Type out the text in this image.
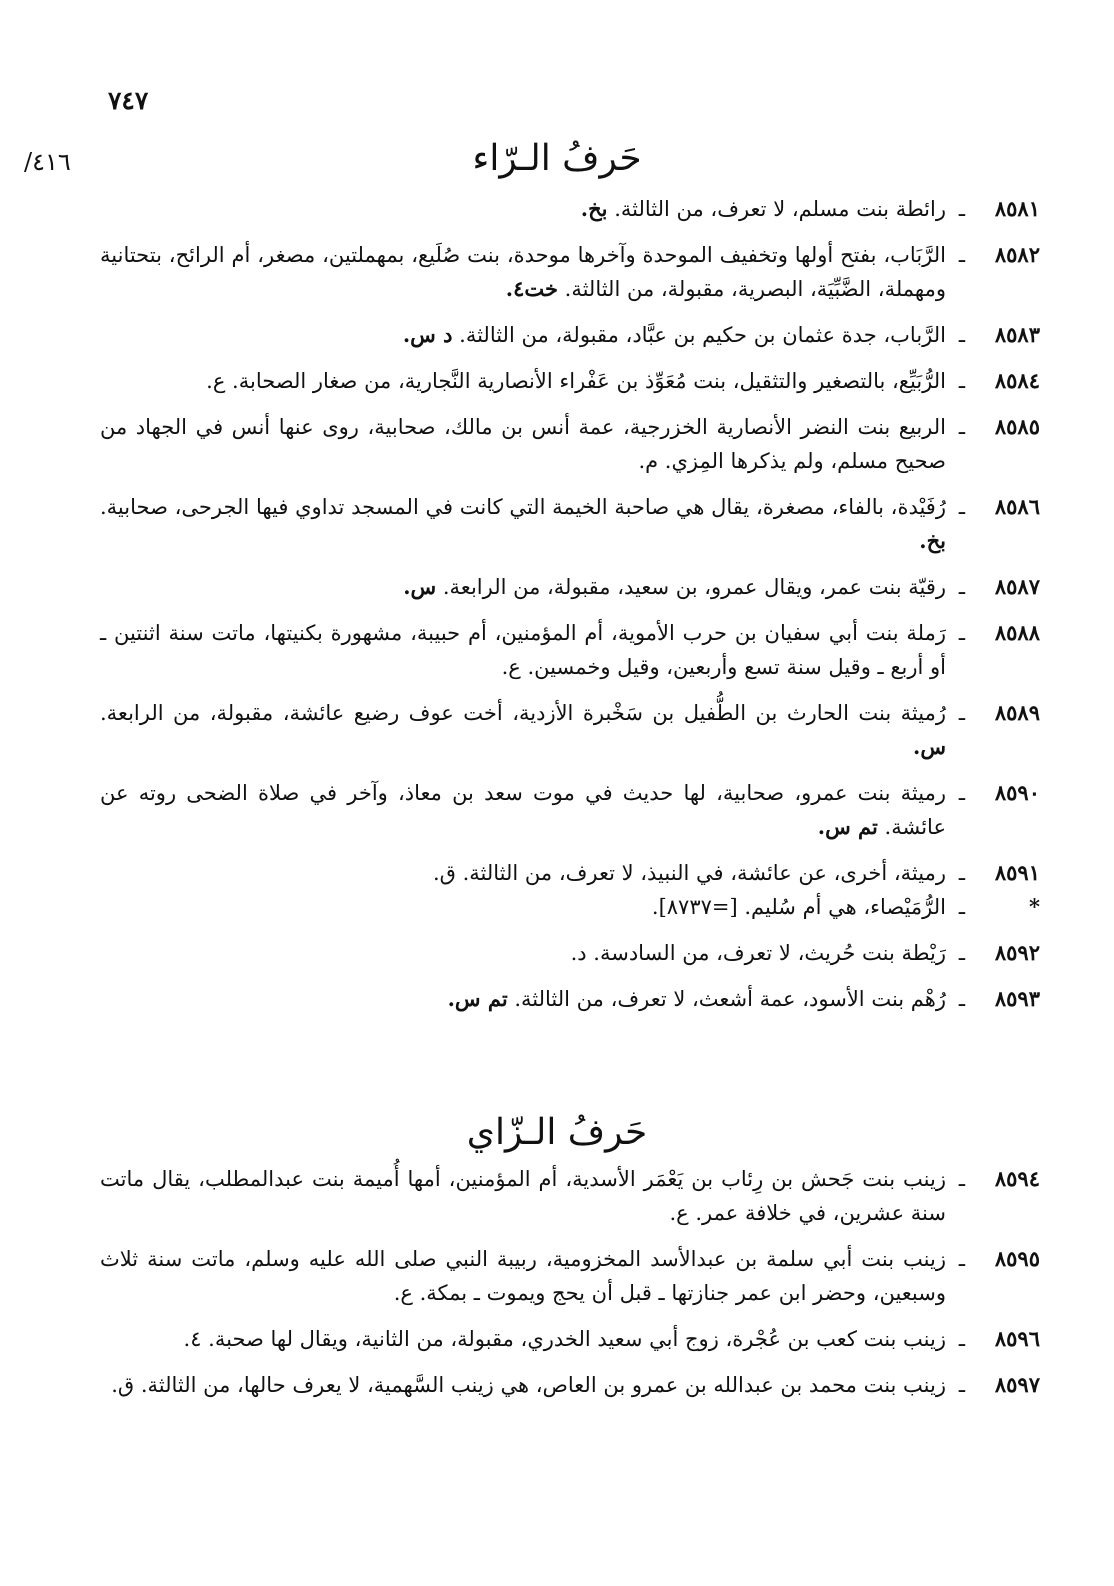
٧٤٧
/٤١٦	حَرفُ الـرّاء
٨٥٨١
ـ
رائطة بنت مسلم، لا تعرف، من الثالثة. بخ.
٨٥٨٢
ـ
الرَّبَاب، بفتح أولها وتخفيف الموحدة وآخرها موحدة، بنت صُلَيع، بمهملتين، مصغر، أم الرائح، بتحتانية ومهملة، الضَّبِّيَة، البصرية، مقبولة، من الثالثة. خت٤.
٨٥٨٣
ـ
الرَّباب، جدة عثمان بن حكيم بن عبَّاد، مقبولة، من الثالثة. د س.
٨٥٨٤
ـ
الرُّبَيِّع، بالتصغير والتثقيل، بنت مُعَوِّذ بن عَفْراء الأنصارية النَّجارية، من صغار الصحابة. ع.
٨٥٨٥
ـ
الربيع بنت النضر الأنصارية الخزرجية، عمة أنس بن مالك، صحابية، روى عنها أنس في الجهاد من صحيح مسلم، ولم يذكرها المِزي. م.
٨٥٨٦
ـ
رُفَيْدة، بالفاء، مصغرة، يقال هي صاحبة الخيمة التي كانت في المسجد تداوي فيها الجرحى، صحابية. بخ.
٨٥٨٧
ـ
رقيّة بنت عمر، ويقال عمرو، بن سعيد، مقبولة، من الرابعة. س.
٨٥٨٨
ـ
رَملة بنت أبي سفيان بن حرب الأموية، أم المؤمنين، أم حبيبة، مشهورة بكنيتها، ماتت سنة اثنتين ـ أو أربع ـ وقيل سنة تسع وأربعين، وقيل وخمسين. ع.
٨٥٨٩
ـ
رُميثة بنت الحارث بن الطُّفيل بن سَخْبرة الأزدية، أخت عوف رضيع عائشة، مقبولة، من الرابعة. س.
٨٥٩٠
ـ
رميثة بنت عمرو، صحابية، لها حديث في موت سعد بن معاذ، وآخر في صلاة الضحى روته عن عائشة. تم س.
٨٥٩١
ـ
رميثة، أخرى، عن عائشة، في النبيذ، لا تعرف، من الثالثة. ق.
*
ـ
الرُّمَيْصاء، هي أم سُليم. [=٨٧٣٧].
٨٥٩٢
ـ
رَيْطة بنت حُريث، لا تعرف، من السادسة. د.
٨٥٩٣
ـ
رُهْم بنت الأسود، عمة أشعث، لا تعرف، من الثالثة. تم س.
حَرفُ الـزّاي
٨٥٩٤
ـ
زينب بنت جَحش بن رِئاب بن يَعْمَر الأسدية، أم المؤمنين، أمها أُميمة بنت عبدالمطلب، يقال ماتت سنة عشرين، في خلافة عمر. ع.
٨٥٩٥
ـ
زينب بنت أبي سلمة بن عبدالأسد المخزومية، ربيبة النبي صلى الله عليه وسلم، ماتت سنة ثلاث وسبعين، وحضر ابن عمر جنازتها ـ قبل أن يحج ويموت ـ بمكة. ع.
٨٥٩٦
ـ
زينب بنت كعب بن عُجْرة، زوج أبي سعيد الخدري، مقبولة، من الثانية، ويقال لها صحبة. ٤.
٨٥٩٧
ـ
زينب بنت محمد بن عبدالله بن عمرو بن العاص، هي زينب السَّهمية، لا يعرف حالها، من الثالثة. ق.
